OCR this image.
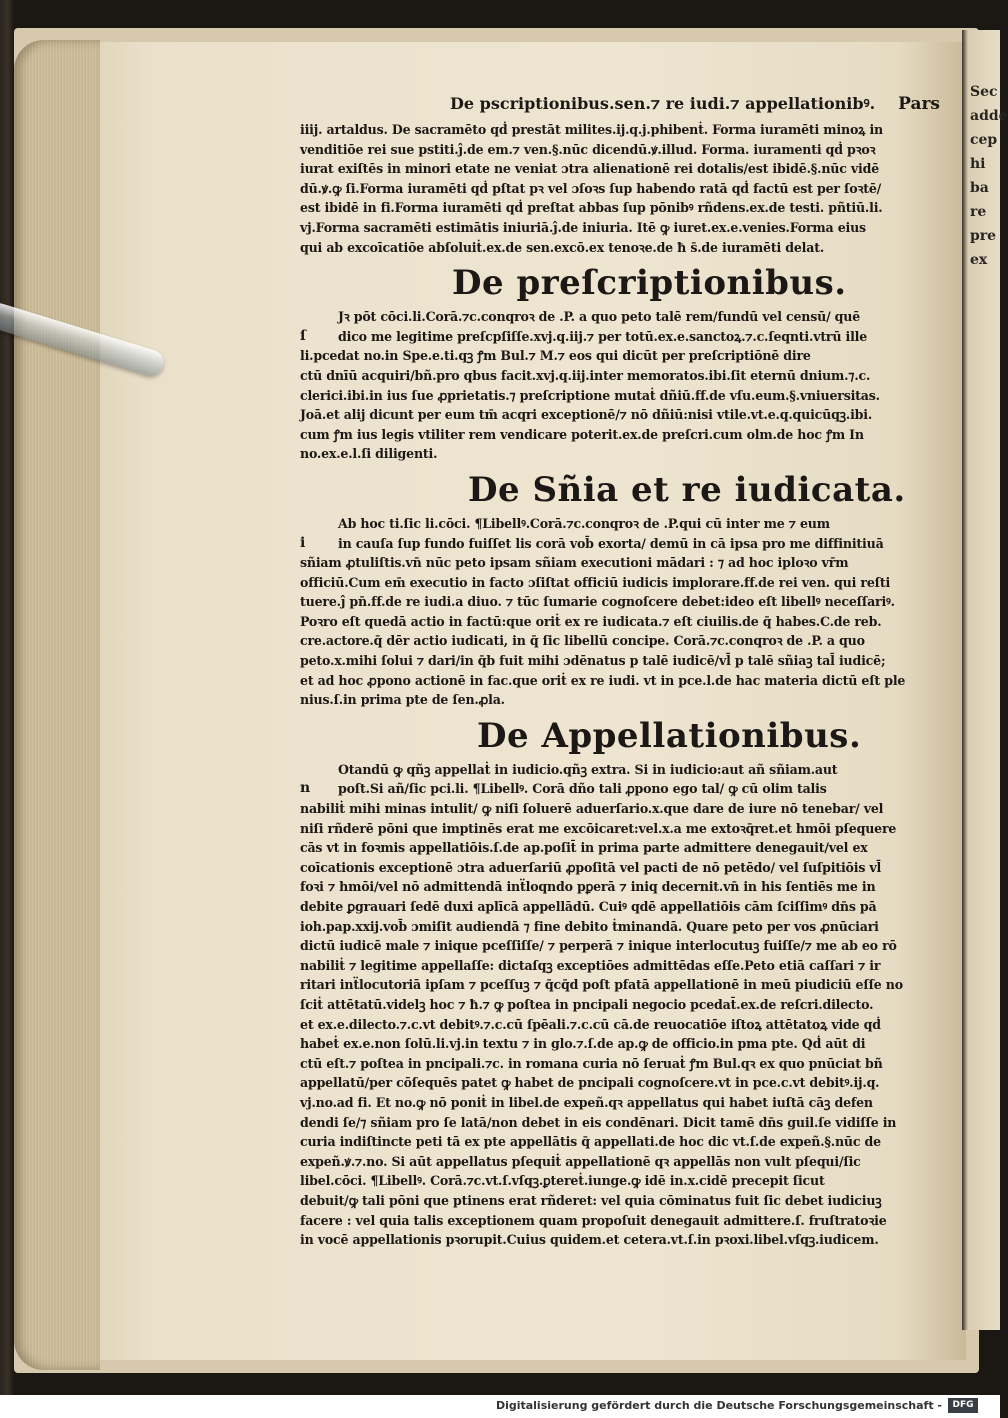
Sec
adde
cep
hi
ba
re
pre
ex
De pscriptionibus.sen.⁊ re iudi.⁊ appellationibꝰ. Pars
iiij. artaldus. De sacramēto qḋ prestāt milites.ij.q.j.phibenṫ. Forma iuramēti minoꝝ in
venditiōe rei sue pstiti.ĵ.de em.⁊ ven.§.nūc dicendū.ꝟ.illud. Forma. iuramenti qḋ pꝛoꝛ
iurat exiſtēs in minori etate ne veniat ɔtra alienationē rei dotalis/est ibidē.§.nūc vidē
dū.ꝟ.ꝙ ſi.Forma iuramēti qḋ pſtat pꝛ vel ɔſoꝛs ſup habendo ratā qḋ factū est per ſoꝛtē/
est ibidē in fi.Forma iuramēti qḋ preſtat abbas ſup pōnibꝰ rñdens.ex.de testi. pñtiū.li.
vj.Forma sacramēti estimātis iniuriā.ĵ.de iniuria. Itē ꝙ iuret.ex.e.venies.Forma eius
qui ab excoīcatiōe abſoluiṫ.ex.de sen.excō.ex tenoꝛe.de ħ s̄.de iuramēti delat.
De preſcriptionibus.
Jꝛ pōt cōci.li.Corā.⁊c.conqroꝛ de .P. a quo peto talē rem/fundū vel censū/ quē
ſ	dico me legitime preſcpſiſſe.xvj.q.iij.⁊ per totū.ex.e.sanctoꝝ.⁊.c.ſeqnti.vtrū ille
li.pcedat no.in Spe.e.ti.qꝫ ꝭm Bul.⁊ M.⁊ eos qui dicūt per preſcriptiōnē dire
ctū dnīū acquiri/bñ.pro qbus facit.xvj.q.iij.inter memoratos.ibi.ſit eternū dnium.⁊.c.
clerici.ibi.in ius ſue ꝓprietatis.⁊ preſcriptione mutaṫ dñiū.ff.de vſu.eum.§.vniuersitas.
Joā.et alij dicunt per eum tm̄ acqri exceptionē/⁊ nō dñiū:nisi vtile.vt.e.q.quicūqꝫ.ibi.
cum ꝭm ius legis vtiliter rem vendicare poterit.ex.de preſcri.cum olm.de hoc ꝭm In
no.ex.e.l.ſi diligenti.
De Sñia et re iudicata.
Ab hoc ti.ſic li.cōci. ¶Libellꝰ.Corā.⁊c.conqroꝛ de .P.qui cū inter me ⁊ eum
i	in cauſa ſup fundo fuiſſet lis corā vob̄ exorta/ demū in cā ipsa pro me diffinitiuā
sñiam ꝓtuliſtis.vn̄ nūc peto ipsam sñiam executioni mādari : ⁊ ad hoc iploꝛo vr̄m
officiū.Cum em̄ executio in facto ɔſiſtat officiū iudicis implorare.ff.de rei ven. qui reſti
tuere.ĵ pn̄.ff.de re iudi.a diuo. ⁊ tūc ſumarie cognoſcere debet:ideo eſt libellꝰ neceſſariꝰ.
Poꝛro eſt quedā actio in factū:que oriṫ ex re iudicata.⁊ eſt ciuilis.de q̄ habes.C.de reb.
cre.actore.q̄ dēr actio iudicati, in q̄ ſic libellū concipe. Corā.⁊c.conqroꝛ de .P. a quo
peto.x.mihi ſolui ⁊ dari/in q̄b fuit mihi ɔdēnatus p talē iudicē/vl̄ p talē sñiaꝫ tal̄ iudicē;
et ad hoc ꝓpono actionē in fac.que oriṫ ex re iudi. vt in pce.l.de hac materia dictū eſt ple
nius.ſ.in prima pte de ſen.ꝓla.
De Appellationibus.
Otandū ꝙ qñꝫ appellaṫ in iudicio.qñꝫ extra. Si in iudicio:aut añ sñiam.aut
n	poſt.Si añ/ſic pci.li. ¶Libellꝰ. Corā dño tali ꝓpono ego tal/ ꝙ cū olim talis
nabiliṫ mihi minas intulit/ ꝙ niſi ſoluerē aduerſario.x.que dare de iure nō tenebar/ vel
niſi rñderē pōni que imptinēs erat me excōicaret:vel.x.a me extoꝛq̄ret.et hmōi pſequere
cās vt in foꝛmis appellatiōis.ſ.de ap.poſit̄ in prima parte admittere denegauit/vel ex
coīcationis exceptionē ɔtra aduerſariū ꝓpoſitā vel pacti de nō petēdo/ vel ſuſpitiōis vl̄
foꝛi ⁊ hmōi/vel nō admittendā inẗloqndo pꝑerā ⁊ iniq decernit.vn̄ in his ſentiēs me in
debite ꝑgrauari ſedē duxi aplīcā appellādū. Cuiꝰ qdē appellatiōis cām ſciſſimꝰ dn̄s pā
ioh.pap.xxij.vob̄ ɔmiſit audiendā ⁊ fine debito ṫminandā. Quare peto per vos ꝓnūciari
dictū iudicē male ⁊ inique pceſſiſſe/ ⁊ perperā ⁊ inique interlocutuꝫ fuiſſe/⁊ me ab eo rō
nabiliṫ ⁊ legitime appellaſſe: dictaſqꝫ exceptiōes admittēdas eſſe.Peto etiā caſſari ⁊ ir
ritari inẗlocutoriā ipſam ⁊ pceſſuꝫ ⁊ q̄cq̄d poſt pfatā appellationē in meū piudiciū eſſe no
ſciṫ attētatū.videlꝫ hoc ⁊ ħ.⁊ ꝙ poſtea in pncipali negocio pcedat̄.ex.de reſcri.dilecto.
et ex.e.dilecto.⁊.c.vt debitꝰ.⁊.c.cū ſpēali.⁊.c.cū cā.de reuocatiōe iſtoꝝ attētatoꝝ vide qḋ
habeṫ ex.e.non ſolū.li.vj.in textu ⁊ in glo.⁊.ſ.de ap.ꝙ de officio.in pma pte. Qḋ aūt di
ctū eſt.⁊ poſtea in pncipali.⁊c. in romana curia nō ſeruaṫ ꝭm Bul.qꝛ ex quo pnūciat bñ
appellatū/per cōſequēs patet ꝙ habet de pncipali cognoſcere.vt in pce.c.vt debitꝰ.ij.q.
vj.no.ad fi. Et no.ꝙ nō poniṫ in libel.de expeñ.qꝛ appellatus qui habet iuſtā cāꝫ defen
dendi ſe/⁊ sñiam pro ſe latā/non debet in eis condēnari. Dicit tamē dn̄s guil.ſe vidiſſe in
curia indiſtincte peti tā ex pte appellātis q̄ appellati.de hoc dic vt.ſ.de expeñ.§.nūc de
expeñ.ꝟ.⁊.no. Si aūt appellatus pſequiṫ appellationē qꝛ appellās non vult pſequi/ſic
libel.cōci. ¶Libellꝰ. Corā.⁊c.vt.ſ.vſqꝫ.ꝑtereṫ.iunge.ꝙ idē in.x.cidē precepit ſicut
debuit/ꝙ tali pōni que ptinens erat rñderet: vel quia cōminatus fuit ſic debet iudiciuꝫ
facere : vel quia talis exceptionem quam propoſuit denegauit admittere.ſ. fruſtratoꝛie
in vocē appellationis pꝛorupit.Cuius quidem.et cetera.vt.ſ.in pꝛoxi.libel.vſqꝫ.iudicem.
Digitalisierung gefördert durch die Deutsche Forschungsgemeinschaft -	DFG
